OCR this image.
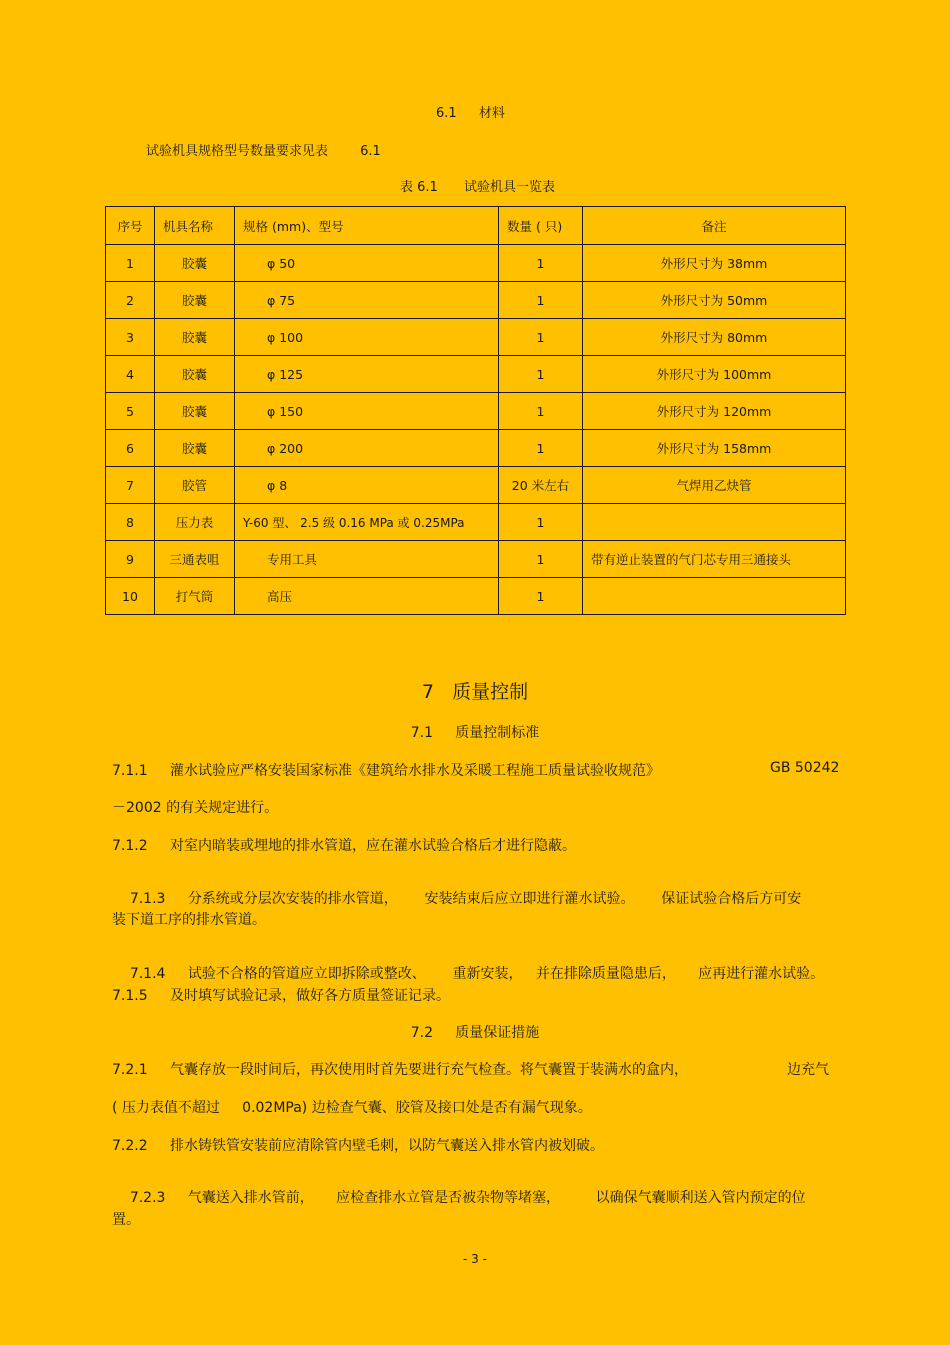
6.1 材料
试验机具规格型号数量要求见表 6.1
表 6.1 试验机具一览表
序号	机具名称	规格 (mm)、型号	数量 ( 只)	备注
1	胶囊	φ 50	1	外形尺寸为 38mm
2	胶囊	φ 75	1	外形尺寸为 50mm
3	胶囊	φ 100	1	外形尺寸为 80mm
4	胶囊	φ 125	1	外形尺寸为 100mm
5	胶囊	φ 150	1	外形尺寸为 120mm
6	胶囊	φ 200	1	外形尺寸为 158mm
7	胶管	φ 8	20 米左右	气焊用乙炔管
8	压力表	Y-60 型、 2.5 级 0.16 MPa 或 0.25MPa	1	
9	三通表咀	专用工具	1	带有逆止装置的气门芯专用三通接头
10	打气筒	高压	1	
7   质量控制
7.1     质量控制标准
7.1.1 灌水试验应严格安装国家标准《建筑给水排水及采暖工程施工质量试验收规范》	GB 50242
－2002 的有关规定进行。
7.1.2 对室内暗装或埋地的排水管道，应在灌水试验合格后才进行隐蔽。

7.1.3 分系统或分层次安装的排水管道，      安装结束后应立即进行灌水试验。      保证试验合格后方可安

装下道工序的排水管道。

7.1.4 试验不合格的管道应立即拆除或整改、      重新安装，   并在排除质量隐患后，     应再进行灌水试验。

7.1.5 及时填写试验记录，做好各方质量签证记录。
7.2     质量保证措施
7.2.1 气囊存放一段时间后，再次使用时首先要进行充气检查。将气囊置于装满水的盒内，	边充气
( 压力表值不超过     0.02MPa) 边检查气囊、胶管及接口处是否有漏气现象。
7.2.2 排水铸铁管安装前应清除管内壁毛刺，以防气囊送入排水管内被划破。

7.2.3 气囊送入排水管前，     应检查排水立管是否被杂物等堵塞，        以确保气囊顺利送入管内预定的位

置。
- 3 -
